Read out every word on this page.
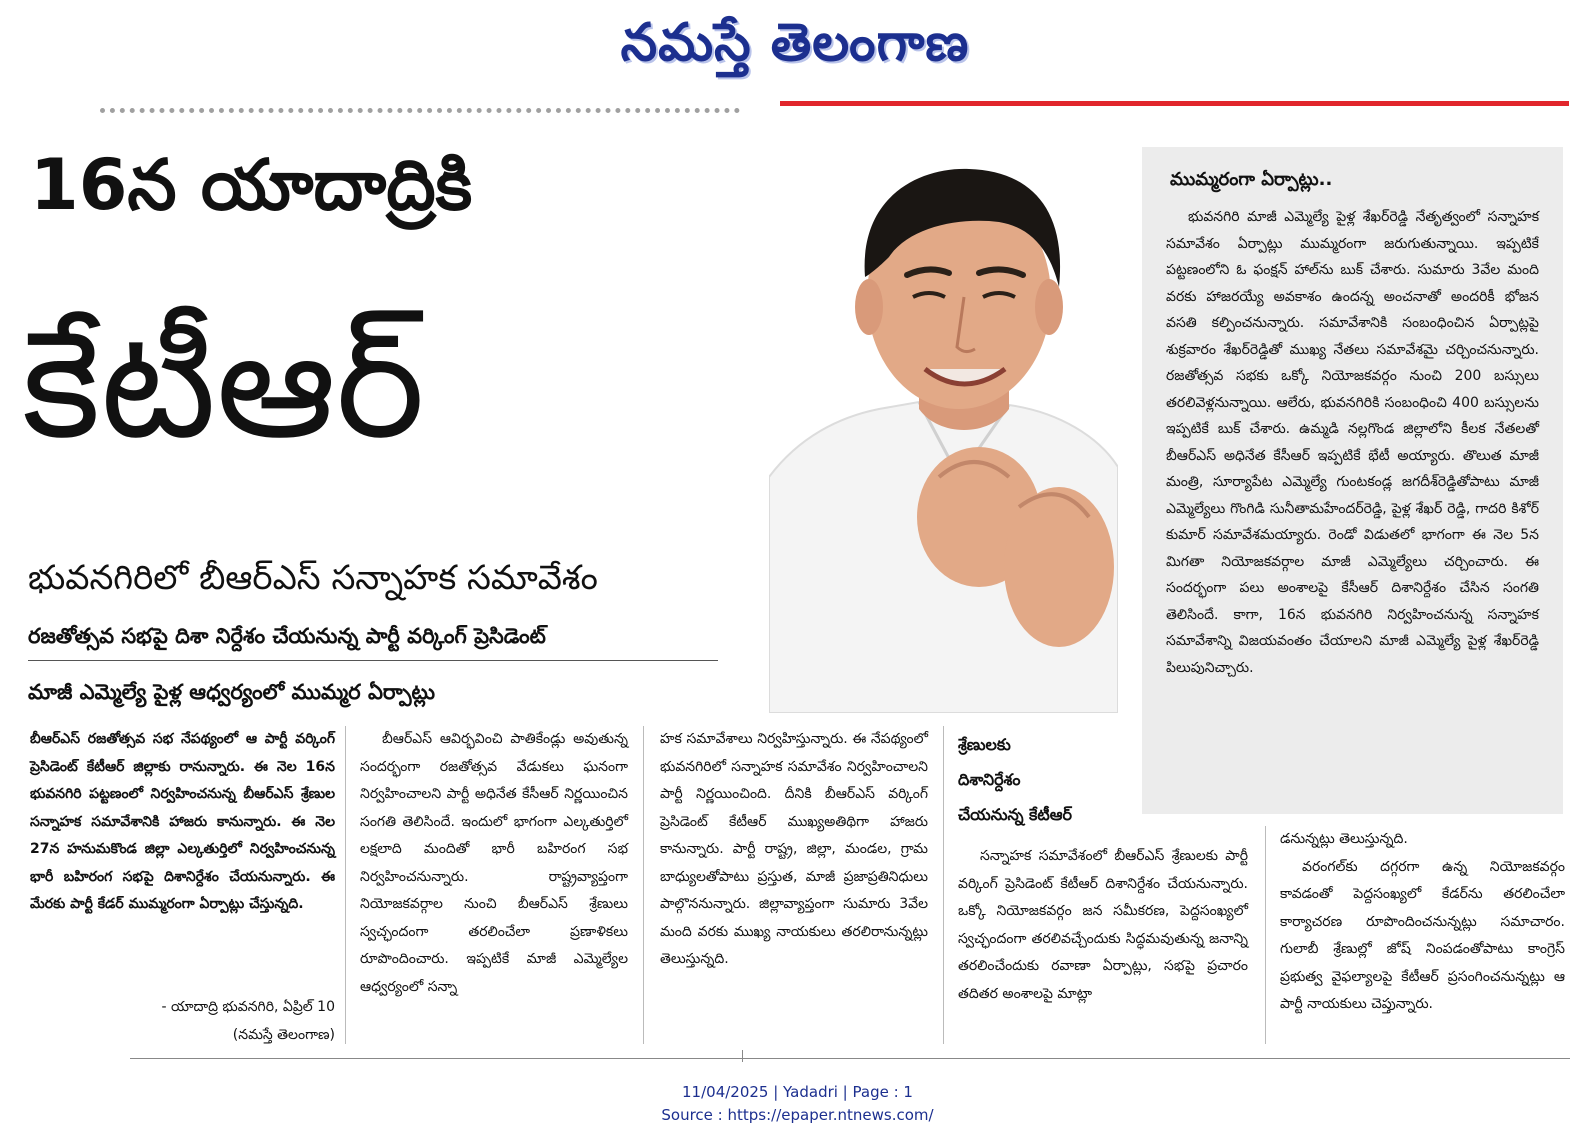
నమస్తే తెలంగాణ
16న యాదాద్రికి
కేటీఆర్
భువనగిరిలో బీఆర్ఎస్ సన్నాహక సమావేశం
రజతోత్సవ సభపై దిశా నిర్దేశం చేయనున్న పార్టీ వర్కింగ్ ప్రెసిడెంట్
మాజీ ఎమ్మెల్యే పైళ్ల ఆధ్వర్యంలో ముమ్మర ఏర్పాట్లు
ముమ్మరంగా ఏర్పాట్లు..

భువనగిరి మాజీ ఎమ్మెల్యే పైళ్ల శేఖర్‌రెడ్డి నేతృత్వంలో సన్నాహక సమావేశం ఏర్పాట్లు ముమ్మరంగా జరుగుతున్నాయి. ఇప్పటికే పట్టణంలోని ఓ ఫంక్షన్ హాల్‌ను బుక్ చేశారు. సుమారు 3వేల మంది వరకు హాజరయ్యే అవకాశం ఉందన్న అంచనాతో అందరికీ భోజన వసతి కల్పించనున్నారు. సమావేశానికి సంబంధించిన ఏర్పాట్లపై శుక్రవారం శేఖర్‌రెడ్డితో ముఖ్య నేతలు సమావేశమై చర్చించనున్నారు. రజతోత్సవ సభకు ఒక్కో నియోజకవర్గం నుంచి 200 బస్సులు తరలివెళ్లనున్నాయి. ఆలేరు, భువనగిరికి సంబంధించి 400 బస్సులను ఇప్పటికే బుక్ చేశారు. ఉమ్మడి నల్లగొండ జిల్లాలోని కీలక నేతలతో బీఆర్ఎస్ అధినేత కేసీఆర్ ఇప్పటికే భేటీ అయ్యారు. తొలుత మాజీ మంత్రి, సూర్యాపేట ఎమ్మెల్యే గుంటకండ్ల జగదీశ్‌రెడ్డితోపాటు మాజీ ఎమ్మెల్యేలు గొంగిడి సునీతామహేందర్‌రెడ్డి, పైళ్ల శేఖర్ రెడ్డి, గాదరి కిశోర్ కుమార్ సమావేశమయ్యారు. రెండో విడుతలో భాగంగా ఈ నెల 5న మిగతా నియోజకవర్గాల మాజీ ఎమ్మెల్యేలు చర్చించారు. ఈ సందర్భంగా పలు అంశాలపై కేసీఆర్ దిశానిర్దేశం చేసిన సంగతి తెలిసిందే. కాగా, 16న భువనగిరి నిర్వహించనున్న సన్నాహక సమావేశాన్ని విజయవంతం చేయాలని మాజీ ఎమ్మెల్యే పైళ్ల శేఖర్‌రెడ్డి పిలుపునిచ్చారు.

బీఆర్ఎస్ రజతోత్సవ సభ నేపథ్యంలో ఆ పార్టీ వర్కింగ్ ప్రెసిడెంట్ కేటీఆర్ జిల్లాకు రానున్నారు. ఈ నెల 16న భువనగిరి పట్టణంలో నిర్వహించనున్న బీఆర్ఎస్ శ్రేణుల సన్నాహక సమావేశానికి హాజరు కానున్నారు. ఈ నెల 27న హనుమకొండ జిల్లా ఎల్కతుర్తిలో నిర్వహించనున్న భారీ బహిరంగ సభపై దిశానిర్దేశం చేయనున్నారు. ఈ మేరకు పార్టీ కేడర్ ముమ్మరంగా ఏర్పాట్లు చేస్తున్నది.

- యాదాద్రి భువనగిరి, ఏప్రిల్ 10
(నమస్తే తెలంగాణ)

బీఆర్ఎస్ ఆవిర్భవించి పాతికేండ్లు అవుతున్న సందర్భంగా రజతోత్సవ వేడుకలు ఘనంగా నిర్వహించాలని పార్టీ అధినేత కేసీఆర్ నిర్ణయించిన సంగతి తెలిసిందే. ఇందులో భాగంగా ఎల్కతుర్తిలో లక్షలాది మందితో భారీ బహిరంగ సభ నిర్వహించనున్నారు. రాష్ట్రవ్యాప్తంగా నియోజకవర్గాల నుంచి బీఆర్ఎస్ శ్రేణులు స్వచ్ఛందంగా తరలించేలా ప్రణాళికలు రూపొందించారు. ఇప్పటికే మాజీ ఎమ్మెల్యేల ఆధ్వర్యంలో సన్నా

హక సమావేశాలు నిర్వహిస్తున్నారు. ఈ నేపథ్యంలో భువనగిరిలో సన్నాహక సమావేశం నిర్వహించాలని పార్టీ నిర్ణయించింది. దీనికి బీఆర్ఎస్ వర్కింగ్ ప్రెసిడెంట్ కేటీఆర్ ముఖ్యఅతిథిగా హాజరు కానున్నారు. పార్టీ రాష్ట్ర, జిల్లా, మండల, గ్రామ బాధ్యులతోపాటు ప్రస్తుత, మాజీ ప్రజాప్రతినిధులు పాల్గొననున్నారు. జిల్లావ్యాప్తంగా సుమారు 3వేల మంది వరకు ముఖ్య నాయకులు తరలిరానున్నట్లు తెలుస్తున్నది.

శ్రేణులకు
దిశానిర్దేశం
చేయనున్న కేటీఆర్

సన్నాహక సమావేశంలో బీఆర్ఎస్ శ్రేణులకు పార్టీ వర్కింగ్ ప్రెసిడెంట్ కేటీఆర్ దిశానిర్దేశం చేయనున్నారు. ఒక్కో నియోజకవర్గం జన సమీకరణ, పెద్దసంఖ్యలో స్వచ్ఛందంగా తరలివచ్చేందుకు సిద్ధమవుతున్న జనాన్ని తరలించేందుకు రవాణా ఏర్పాట్లు, సభపై ప్రచారం తదితర అంశాలపై మాట్లా

డనున్నట్లు తెలుస్తున్నది.

వరంగల్‌కు దగ్గరగా ఉన్న నియోజకవర్గం కావడంతో పెద్దసంఖ్యలో కేడర్‌ను తరలించేలా కార్యాచరణ రూపొందించనున్నట్లు సమాచారం. గులాబీ శ్రేణుల్లో జోష్ నింపడంతోపాటు కాంగ్రెస్ ప్రభుత్వ వైఫల్యాలపై కేటీఆర్ ప్రసంగించనున్నట్లు ఆ పార్టీ నాయకులు చెప్తున్నారు.

11/04/2025 | Yadadri | Page : 1
Source : https://epaper.ntnews.com/
